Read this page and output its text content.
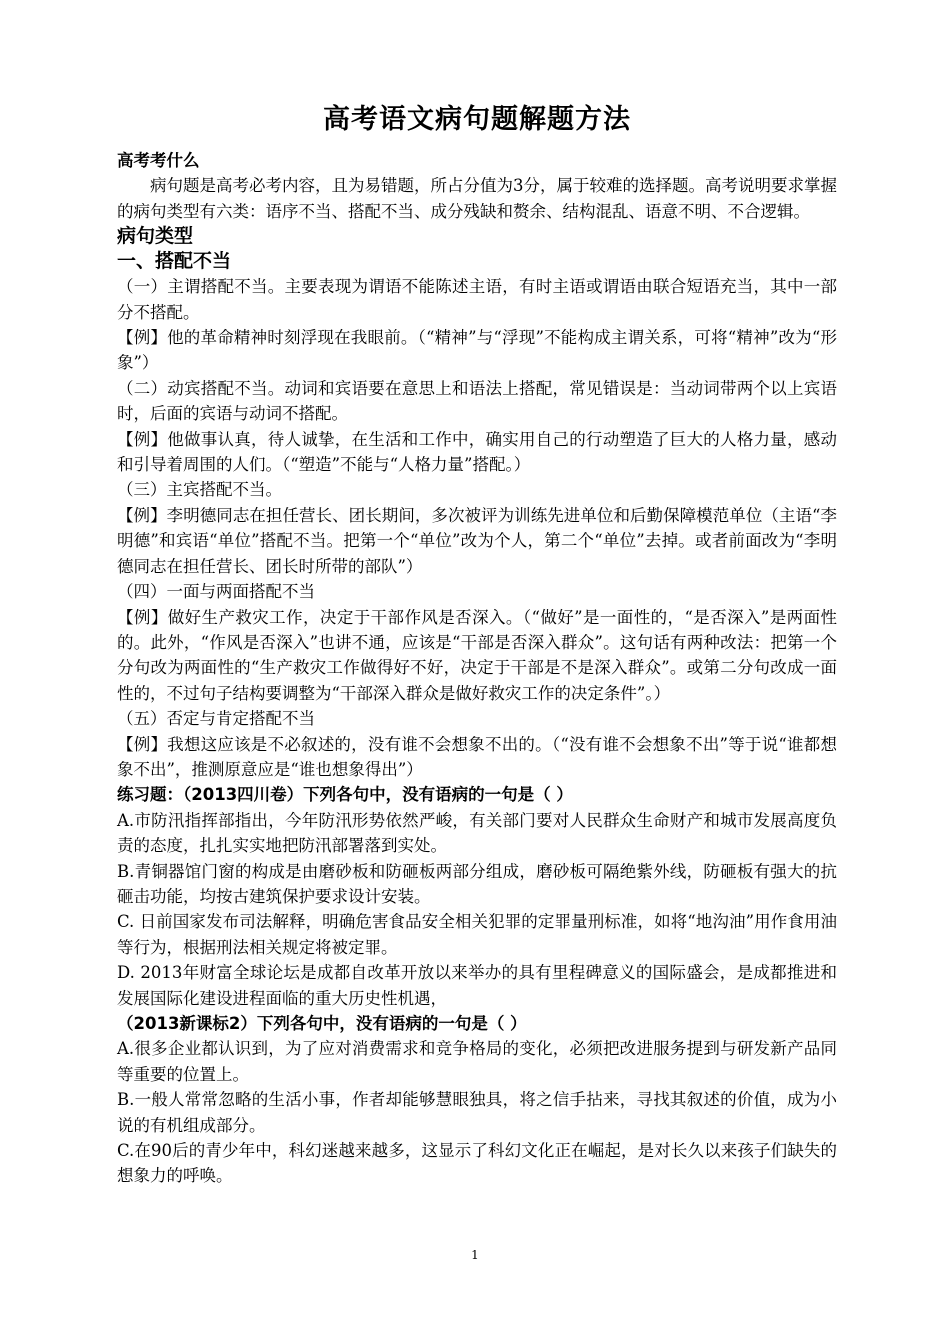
高考语文病句题解题方法

高考考什么

病句题是高考必考内容，且为易错题，所占分值为3分，属于较难的选择题。高考说明要求掌握的病句类型有六类：语序不当、搭配不当、成分残缺和赘余、结构混乱、语意不明、不合逻辑。

病句类型

一、搭配不当

（一）主谓搭配不当。主要表现为谓语不能陈述主语，有时主语或谓语由联合短语充当，其中一部分不搭配。

【例】他的革命精神时刻浮现在我眼前。（“精神”与“浮现”不能构成主谓关系，可将“精神”改为“形象”）

（二）动宾搭配不当。动词和宾语要在意思上和语法上搭配，常见错误是：当动词带两个以上宾语时，后面的宾语与动词不搭配。

【例】他做事认真，待人诚挚，在生活和工作中，确实用自己的行动塑造了巨大的人格力量，感动和引导着周围的人们。（“塑造”不能与“人格力量”搭配。）

（三）主宾搭配不当。

【例】李明德同志在担任营长、团长期间，多次被评为训练先进单位和后勤保障模范单位（主语“李明德”和宾语“单位”搭配不当。把第一个“单位”改为个人，第二个“单位”去掉。或者前面改为“李明德同志在担任营长、团长时所带的部队”）

（四）一面与两面搭配不当

【例】做好生产救灾工作，决定于干部作风是否深入。（“做好”是一面性的，“是否深入”是两面性的。此外，“作风是否深入”也讲不通，应该是“干部是否深入群众”。这句话有两种改法：把第一个分句改为两面性的“生产救灾工作做得好不好，决定于干部是不是深入群众”。或第二分句改成一面性的，不过句子结构要调整为“干部深入群众是做好救灾工作的决定条件”。）

（五）否定与肯定搭配不当

【例】我想这应该是不必叙述的，没有谁不会想象不出的。（“没有谁不会想象不出”等于说“谁都想象不出”，推测原意应是“谁也想象得出”）

练习题：（2013四川卷）下列各句中，没有语病的一句是（ ）

A.市防汛指挥部指出，今年防汛形势依然严峻，有关部门要对人民群众生命财产和城市发展高度负责的态度，扎扎实实地把防汛部署落到实处。

B.青铜器馆门窗的构成是由磨砂板和防砸板两部分组成，磨砂板可隔绝紫外线，防砸板有强大的抗砸击功能，均按古建筑保护要求设计安装。

C. 日前国家发布司法解释，明确危害食品安全相关犯罪的定罪量刑标准，如将“地沟油”用作食用油等行为，根据刑法相关规定将被定罪。

D. 2013年财富全球论坛是成都自改革开放以来举办的具有里程碑意义的国际盛会，是成都推进和发展国际化建设进程面临的重大历史性机遇，

（2013新课标2）下列各句中，没有语病的一句是（ ）

A.很多企业都认识到，为了应对消费需求和竞争格局的变化，必须把改进服务提到与研发新产品同等重要的位置上。

B.一般人常常忽略的生活小事，作者却能够慧眼独具，将之信手拈来，寻找其叙述的价值，成为小说的有机组成部分。

C.在90后的青少年中，科幻迷越来越多，这显示了科幻文化正在崛起，是对长久以来孩子们缺失的想象力的呼唤。

1
